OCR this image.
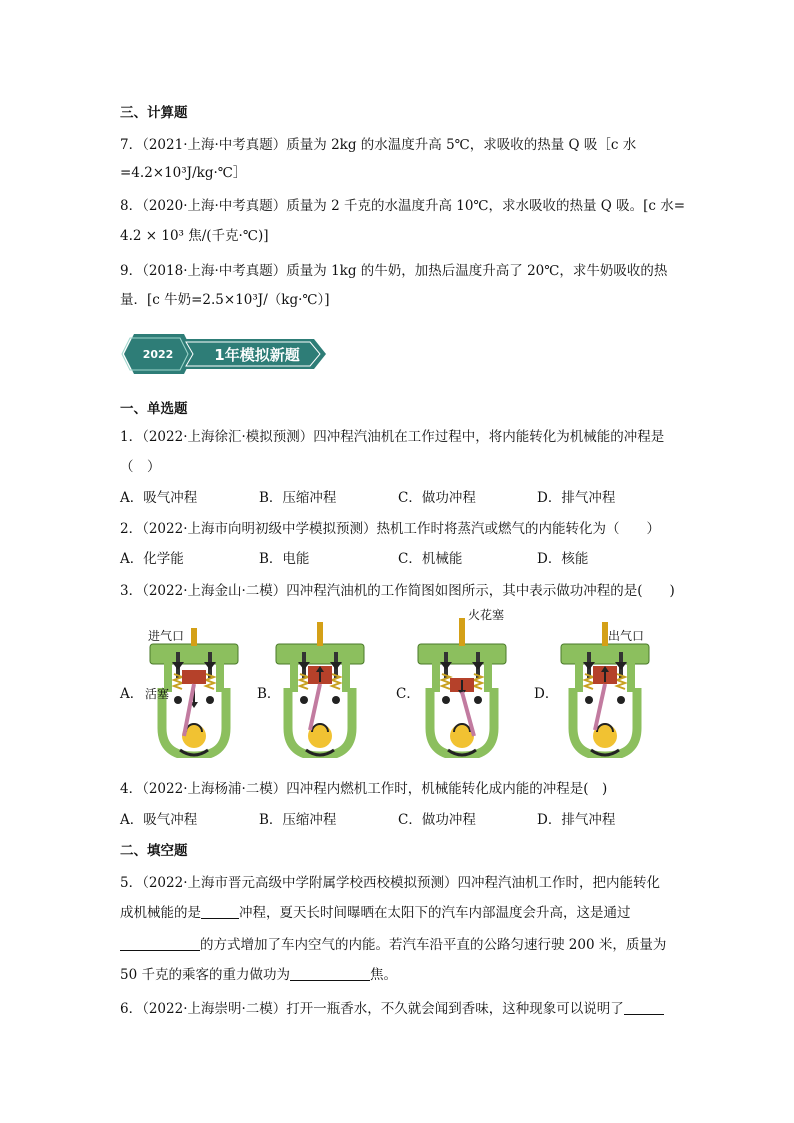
三、计算题
7．（2021·上海·中考真题）质量为 2kg 的水温度升高 5℃，求吸收的热量 Q 吸［c 水
=4.2×10³J/kg·℃］
8．（2020·上海·中考真题）质量为 2 千克的水温度升高 10℃，求水吸收的热量 Q 吸。[c 水=
4.2 × 10³ 焦/(千克·℃)]
9．（2018·上海·中考真题）质量为 1kg 的牛奶，加热后温度升高了 20℃，求牛奶吸收的热
量．[c 牛奶=2.5×10³J/（kg·℃）]
2022	1年模拟新题
一、单选题
1．（2022·上海徐汇·模拟预测）四冲程汽油机在工作过程中，将内能转化为机械能的冲程是
（　）
A．吸气冲程	B．压缩冲程	C．做功冲程	D．排气冲程
2．（2022·上海市向明初级中学模拟预测）热机工作时将蒸汽或燃气的内能转化为（　　）
A．化学能	B．电能	C．机械能	D．核能
3．（2022·上海金山·二模）四冲程汽油机的工作简图如图所示，其中表示做功冲程的是(　　)
A．
进气口
活塞	B．	C．
火花塞
D．
出气口
4．（2022·上海杨浦·二模）四冲程内燃机工作时，机械能转化成内能的冲程是(　)
A．吸气冲程	B．压缩冲程	C．做功冲程	D．排气冲程
二、填空题
5．（2022·上海市晋元高级中学附属学校西校模拟预测）四冲程汽油机工作时，把内能转化
成机械能的是	冲程，夏天长时间曝晒在太阳下的汽车内部温度会升高，这是通过
的方式增加了车内空气的内能。若汽车沿平直的公路匀速行驶 200 米，质量为
50 千克的乘客的重力做功为	焦。
6．（2022·上海崇明·二模）打开一瓶香水，不久就会闻到香味，这种现象可以说明了
